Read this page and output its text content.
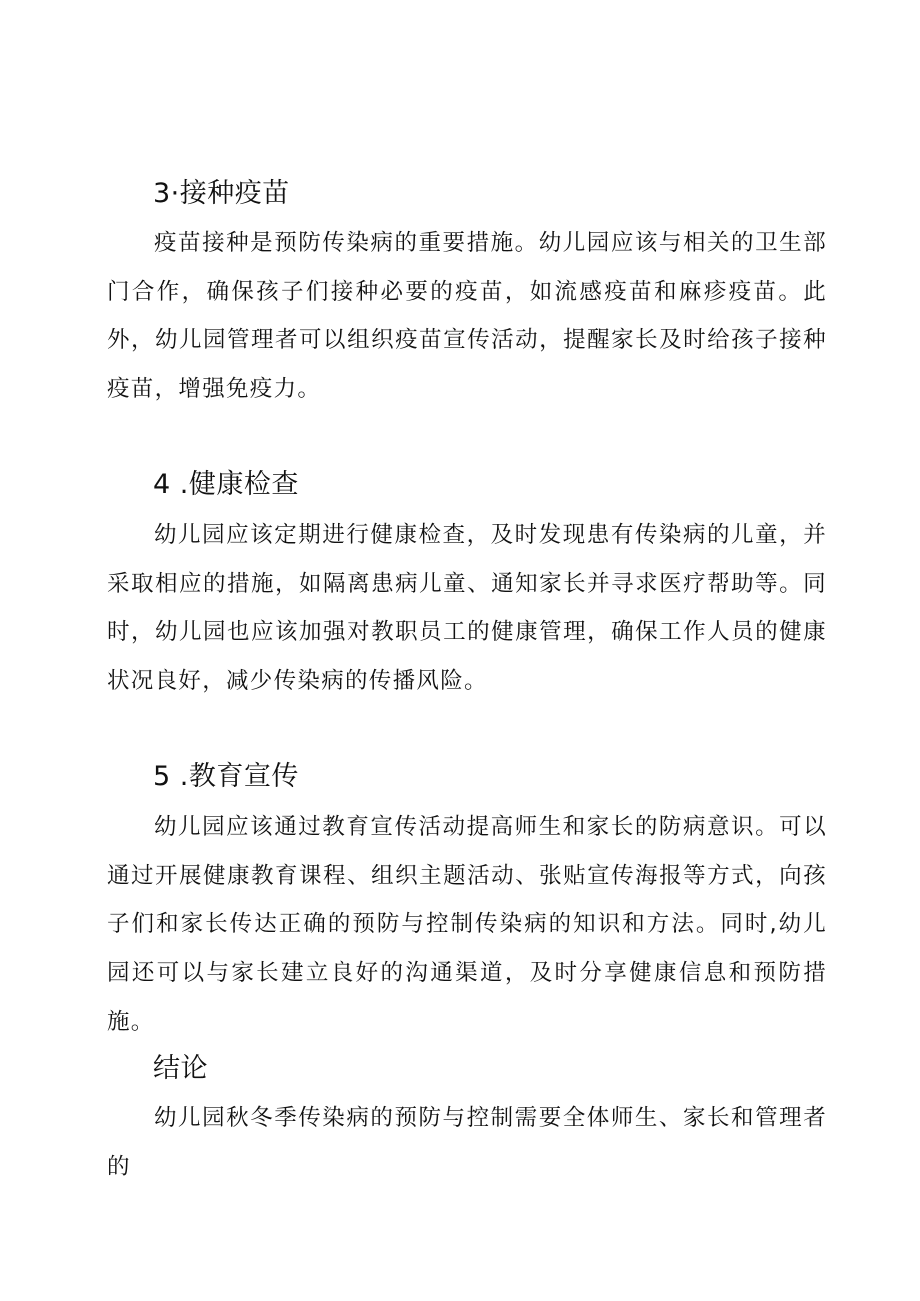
3·接种疫苗

疫苗接种是预防传染病的重要措施。幼儿园应该与相关的卫生部门合作，确保孩子们接种必要的疫苗，如流感疫苗和麻疹疫苗。此外，幼儿园管理者可以组织疫苗宣传活动，提醒家长及时给孩子接种疫苗，增强免疫力。

4 .健康检查

幼儿园应该定期进行健康检查，及时发现患有传染病的儿童，并采取相应的措施，如隔离患病儿童、通知家长并寻求医疗帮助等。同时，幼儿园也应该加强对教职员工的健康管理，确保工作人员的健康状况良好，减少传染病的传播风险。

5 .教育宣传

幼儿园应该通过教育宣传活动提高师生和家长的防病意识。可以通过开展健康教育课程、组织主题活动、张贴宣传海报等方式，向孩子们和家长传达正确的预防与控制传染病的知识和方法。同时,幼儿园还可以与家长建立良好的沟通渠道，及时分享健康信息和预防措施。

结论

幼儿园秋冬季传染病的预防与控制需要全体师生、家长和管理者的
